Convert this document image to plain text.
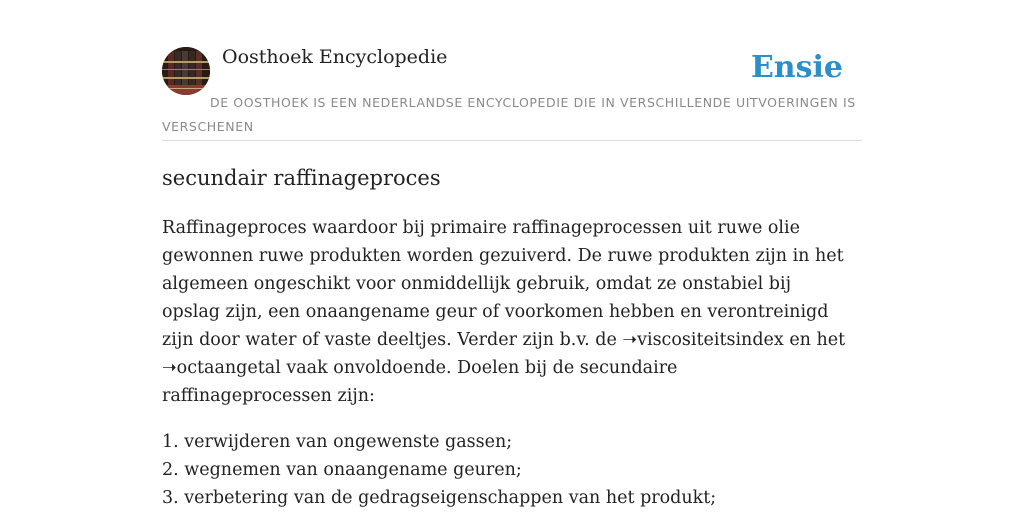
Oosthoek Encyclopedie	Ensie
DE OOSTHOEK IS EEN NEDERLANDSE ENCYCLOPEDIE DIE IN VERSCHILLENDE UITVOERINGEN IS VERSCHENEN
secundair raffinageproces

Raffinageproces waardoor bij primaire raffinageprocessen uit ruwe olie gewonnen ruwe produkten worden gezuiverd. De ruwe produkten zijn in het algemeen ongeschikt voor onmiddellijk gebruik, omdat ze onstabiel bij opslag zijn, een onaangename geur of voorkomen hebben en verontreinigd zijn door water of vaste deeltjes. Verder zijn b.v. de ➝viscositeitsindex en het ➝octaangetal vaak onvoldoende. Doelen bij de secundaire raffinageprocessen zijn:

1. verwijderen van ongewenste gassen;
2. wegnemen van onaangename geuren;
3. verbetering van de gedragseigenschappen van het produkt;
